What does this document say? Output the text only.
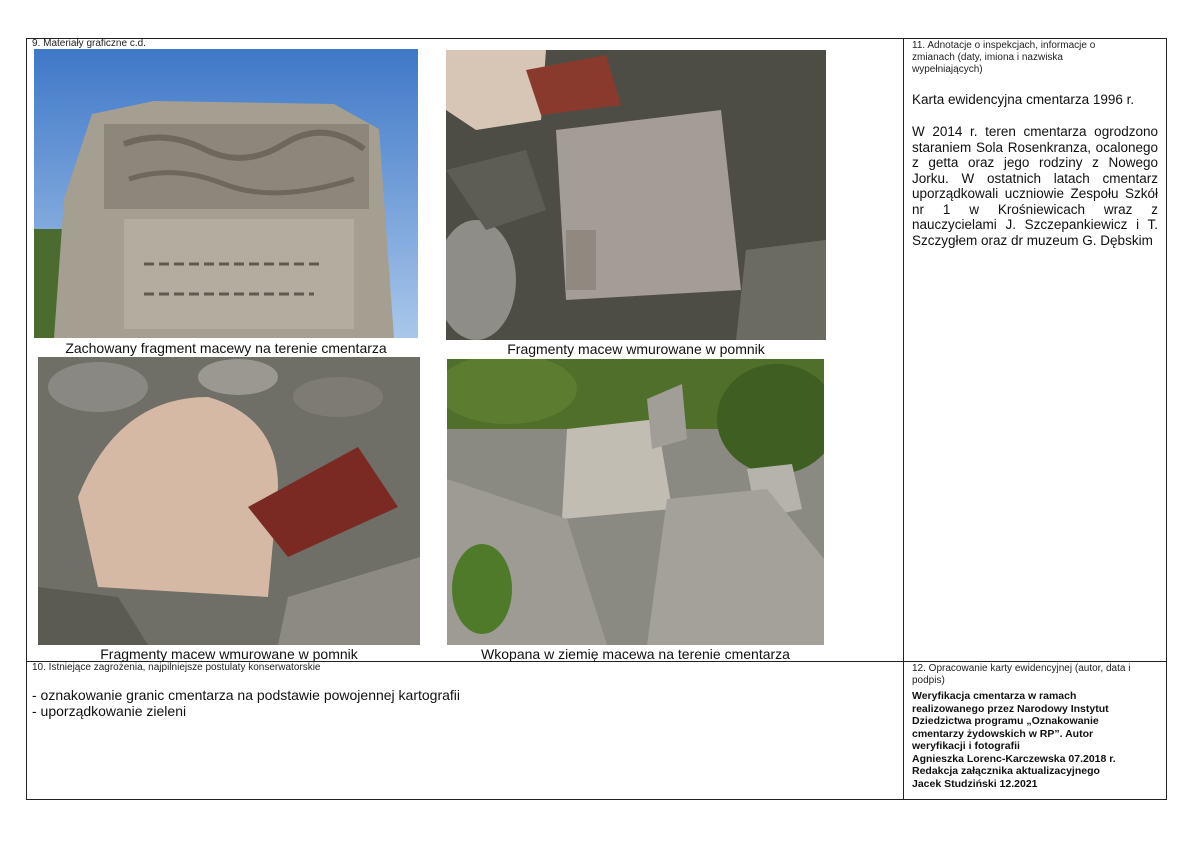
9. Materiały graficzne c.d.
Zachowany fragment macewy na terenie cmentarza	Fragmenty macew wmurowane w pomnik
Fragmenty macew wmurowane w pomnik	Wkopana w ziemię macewa na terenie cmentarza
11. Adnotacje o inspekcjach, informacje o zmianach (daty, imiona i nazwiska wypełniających)
Karta ewidencyjna cmentarza 1996 r.
W 2014 r. teren cmentarza ogrodzono staraniem Sola Rosenkranza, ocalonego z getta oraz jego rodziny z Nowego Jorku. W ostatnich latach cmentarz uporządkowali uczniowie Zespołu Szkół nr 1 w Krośniewicach wraz z nauczycielami J. Szczepankiewicz i T. Szczygłem oraz dr muzeum G. Dębskim
10. Istniejące zagrożenia, najpilniejsze postulaty konserwatorskie
- oznakowanie granic cmentarza na podstawie powojennej kartografii
- uporządkowanie zieleni
12. Opracowanie karty ewidencyjnej (autor, data i podpis)
Weryfikacja cmentarza w ramach
realizowanego przez Narodowy Instytut
Dziedzictwa programu „Oznakowanie
cmentarzy żydowskich w RP”. Autor
weryfikacji i fotografii
Agnieszka Lorenc-Karczewska 07.2018 r.
Redakcja załącznika aktualizacyjnego
Jacek Studziński 12.2021
